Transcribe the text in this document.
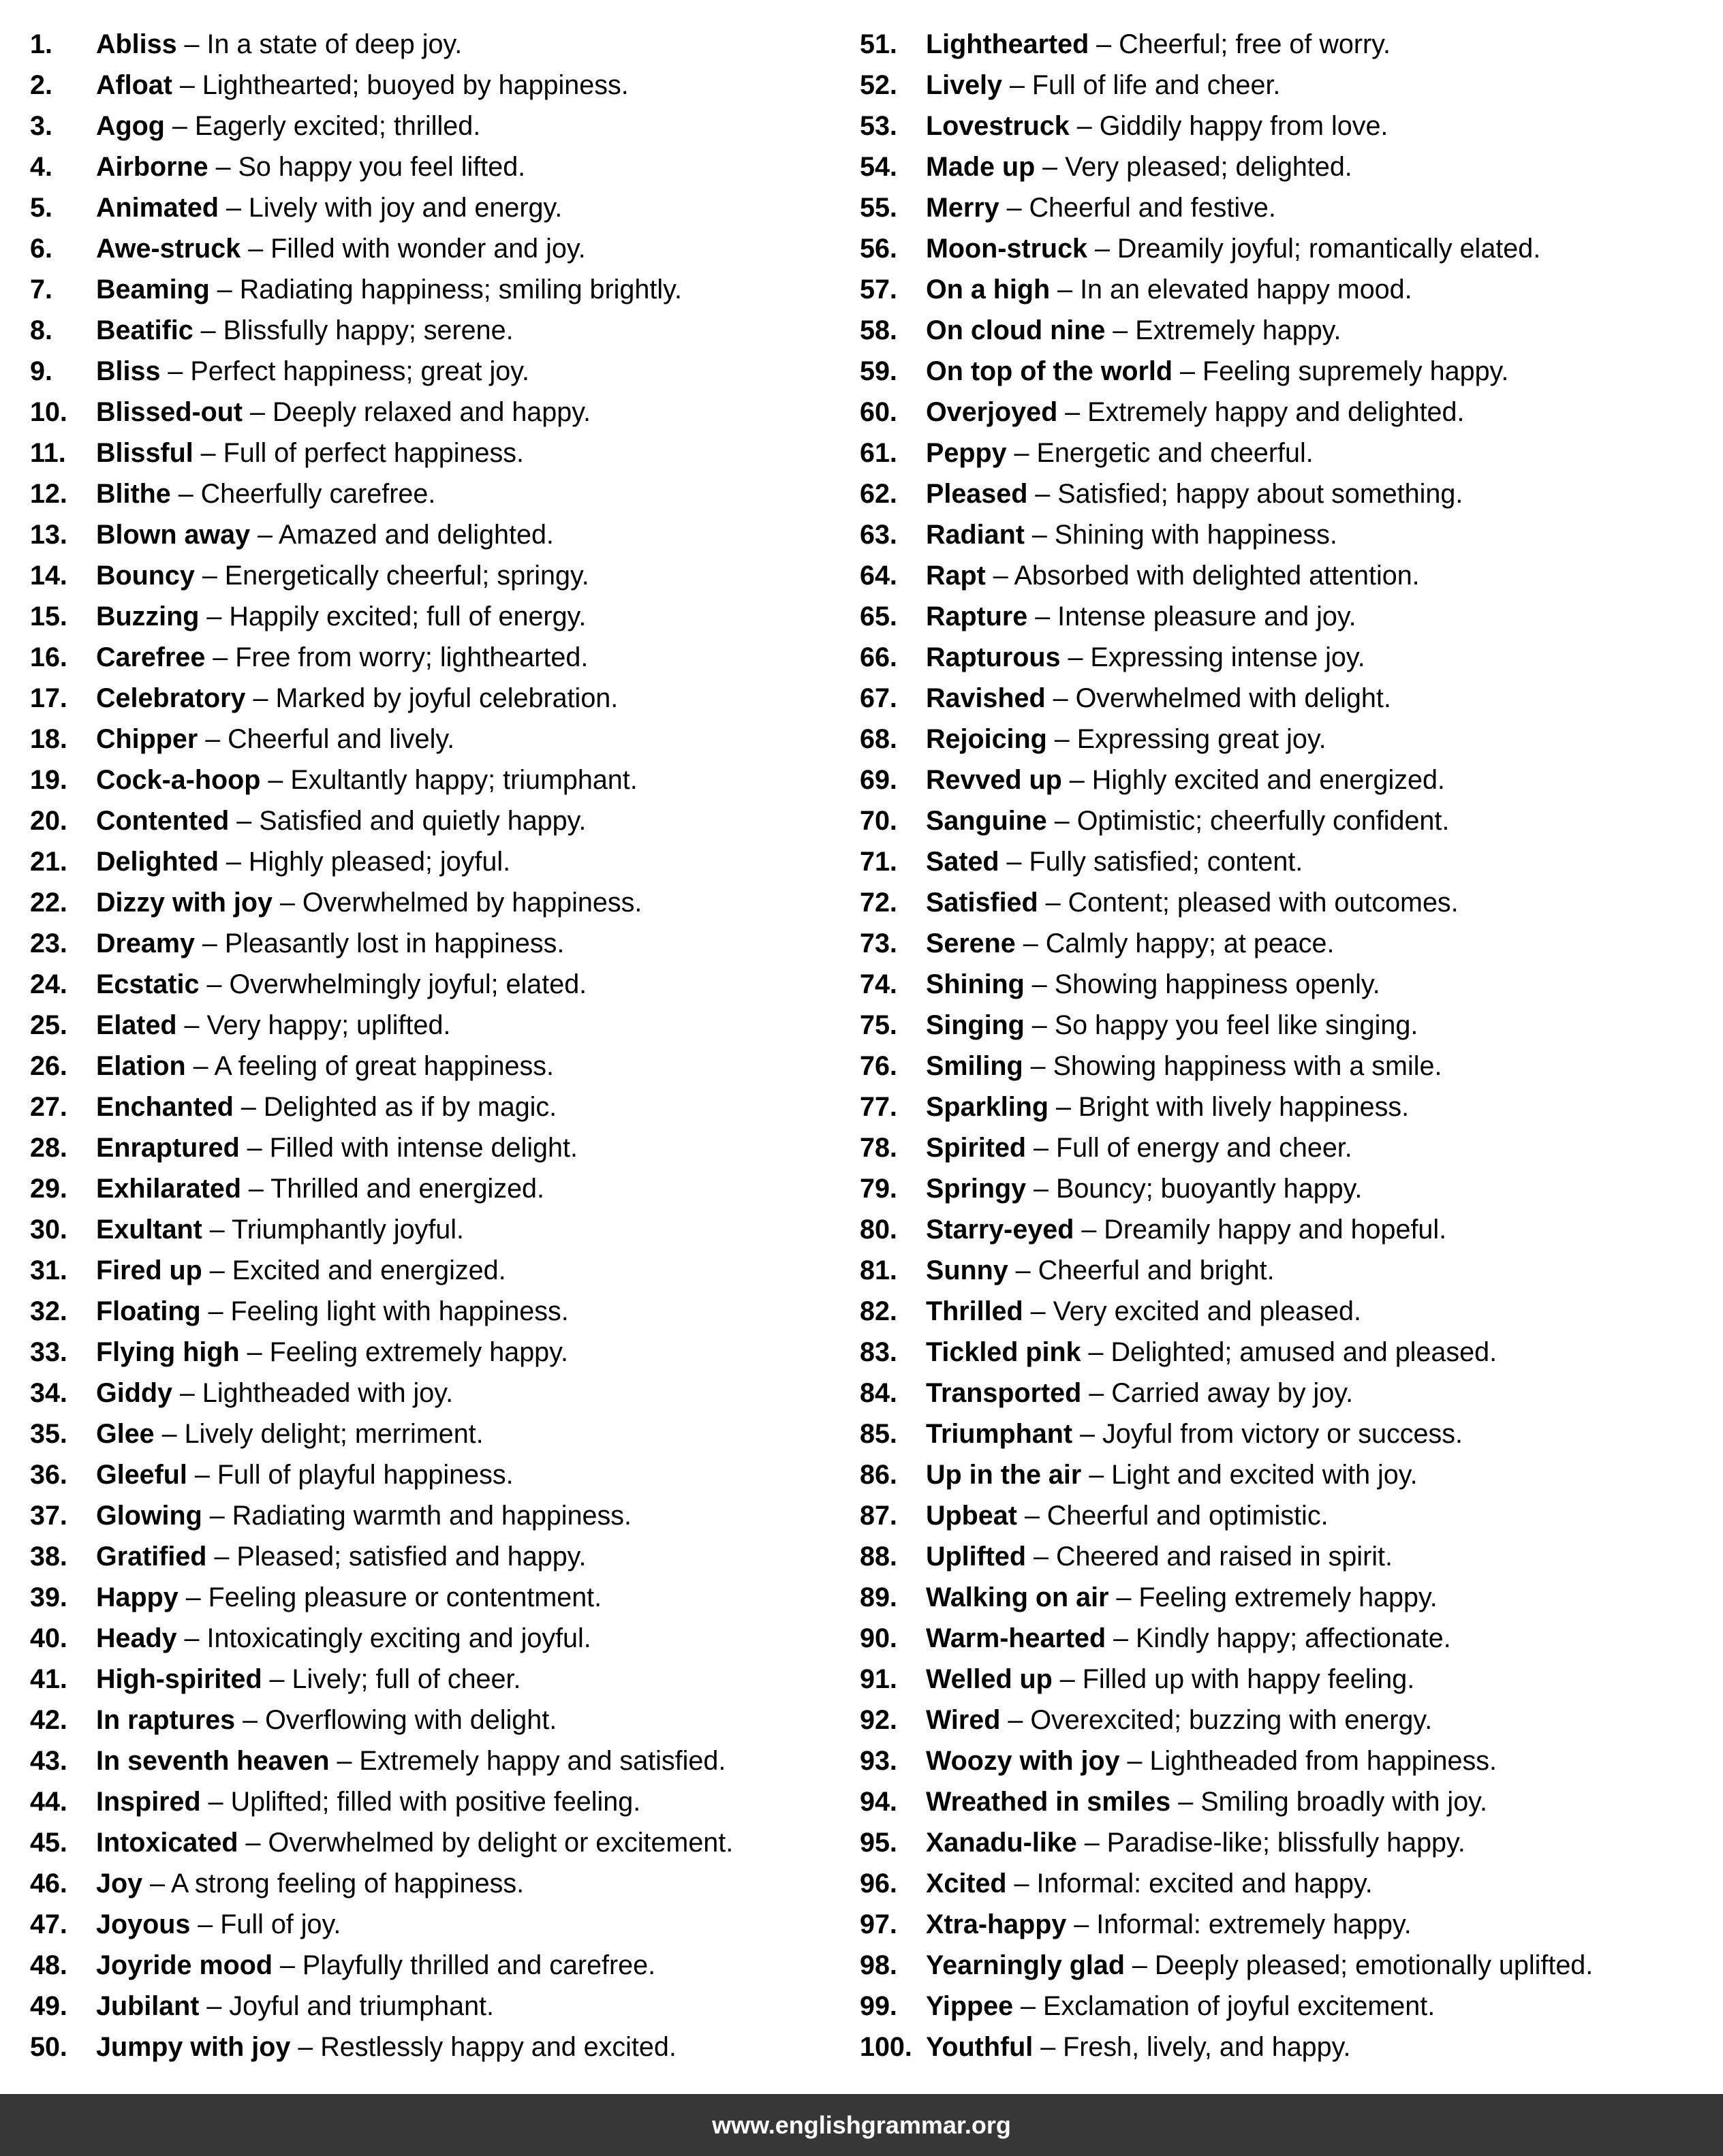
1. Abliss – In a state of deep joy.
2. Afloat – Lighthearted; buoyed by happiness.
3. Agog – Eagerly excited; thrilled.
4. Airborne – So happy you feel lifted.
5. Animated – Lively with joy and energy.
6. Awe-struck – Filled with wonder and joy.
7. Beaming – Radiating happiness; smiling brightly.
8. Beatific – Blissfully happy; serene.
9. Bliss – Perfect happiness; great joy.
10. Blissed-out – Deeply relaxed and happy.
11. Blissful – Full of perfect happiness.
12. Blithe – Cheerfully carefree.
13. Blown away – Amazed and delighted.
14. Bouncy – Energetically cheerful; springy.
15. Buzzing – Happily excited; full of energy.
16. Carefree – Free from worry; lighthearted.
17. Celebratory – Marked by joyful celebration.
18. Chipper – Cheerful and lively.
19. Cock-a-hoop – Exultantly happy; triumphant.
20. Contented – Satisfied and quietly happy.
21. Delighted – Highly pleased; joyful.
22. Dizzy with joy – Overwhelmed by happiness.
23. Dreamy – Pleasantly lost in happiness.
24. Ecstatic – Overwhelmingly joyful; elated.
25. Elated – Very happy; uplifted.
26. Elation – A feeling of great happiness.
27. Enchanted – Delighted as if by magic.
28. Enraptured – Filled with intense delight.
29. Exhilarated – Thrilled and energized.
30. Exultant – Triumphantly joyful.
31. Fired up – Excited and energized.
32. Floating – Feeling light with happiness.
33. Flying high – Feeling extremely happy.
34. Giddy – Lightheaded with joy.
35. Glee – Lively delight; merriment.
36. Gleeful – Full of playful happiness.
37. Glowing – Radiating warmth and happiness.
38. Gratified – Pleased; satisfied and happy.
39. Happy – Feeling pleasure or contentment.
40. Heady – Intoxicatingly exciting and joyful.
41. High-spirited – Lively; full of cheer.
42. In raptures – Overflowing with delight.
43. In seventh heaven – Extremely happy and satisfied.
44. Inspired – Uplifted; filled with positive feeling.
45. Intoxicated – Overwhelmed by delight or excitement.
46. Joy – A strong feeling of happiness.
47. Joyous – Full of joy.
48. Joyride mood – Playfully thrilled and carefree.
49. Jubilant – Joyful and triumphant.
50. Jumpy with joy – Restlessly happy and excited.
51. Lighthearted – Cheerful; free of worry.
52. Lively – Full of life and cheer.
53. Lovestruck – Giddily happy from love.
54. Made up – Very pleased; delighted.
55. Merry – Cheerful and festive.
56. Moon-struck – Dreamily joyful; romantically elated.
57. On a high – In an elevated happy mood.
58. On cloud nine – Extremely happy.
59. On top of the world – Feeling supremely happy.
60. Overjoyed – Extremely happy and delighted.
61. Peppy – Energetic and cheerful.
62. Pleased – Satisfied; happy about something.
63. Radiant – Shining with happiness.
64. Rapt – Absorbed with delighted attention.
65. Rapture – Intense pleasure and joy.
66. Rapturous – Expressing intense joy.
67. Ravished – Overwhelmed with delight.
68. Rejoicing – Expressing great joy.
69. Revved up – Highly excited and energized.
70. Sanguine – Optimistic; cheerfully confident.
71. Sated – Fully satisfied; content.
72. Satisfied – Content; pleased with outcomes.
73. Serene – Calmly happy; at peace.
74. Shining – Showing happiness openly.
75. Singing – So happy you feel like singing.
76. Smiling – Showing happiness with a smile.
77. Sparkling – Bright with lively happiness.
78. Spirited – Full of energy and cheer.
79. Springy – Bouncy; buoyantly happy.
80. Starry-eyed – Dreamily happy and hopeful.
81. Sunny – Cheerful and bright.
82. Thrilled – Very excited and pleased.
83. Tickled pink – Delighted; amused and pleased.
84. Transported – Carried away by joy.
85. Triumphant – Joyful from victory or success.
86. Up in the air – Light and excited with joy.
87. Upbeat – Cheerful and optimistic.
88. Uplifted – Cheered and raised in spirit.
89. Walking on air – Feeling extremely happy.
90. Warm-hearted – Kindly happy; affectionate.
91. Welled up – Filled up with happy feeling.
92. Wired – Overexcited; buzzing with energy.
93. Woozy with joy – Lightheaded from happiness.
94. Wreathed in smiles – Smiling broadly with joy.
95. Xanadu-like – Paradise-like; blissfully happy.
96. Xcited – Informal: excited and happy.
97. Xtra-happy – Informal: extremely happy.
98. Yearningly glad – Deeply pleased; emotionally uplifted.
99. Yippee – Exclamation of joyful excitement.
100. Youthful – Fresh, lively, and happy.
www.englishgrammar.org
